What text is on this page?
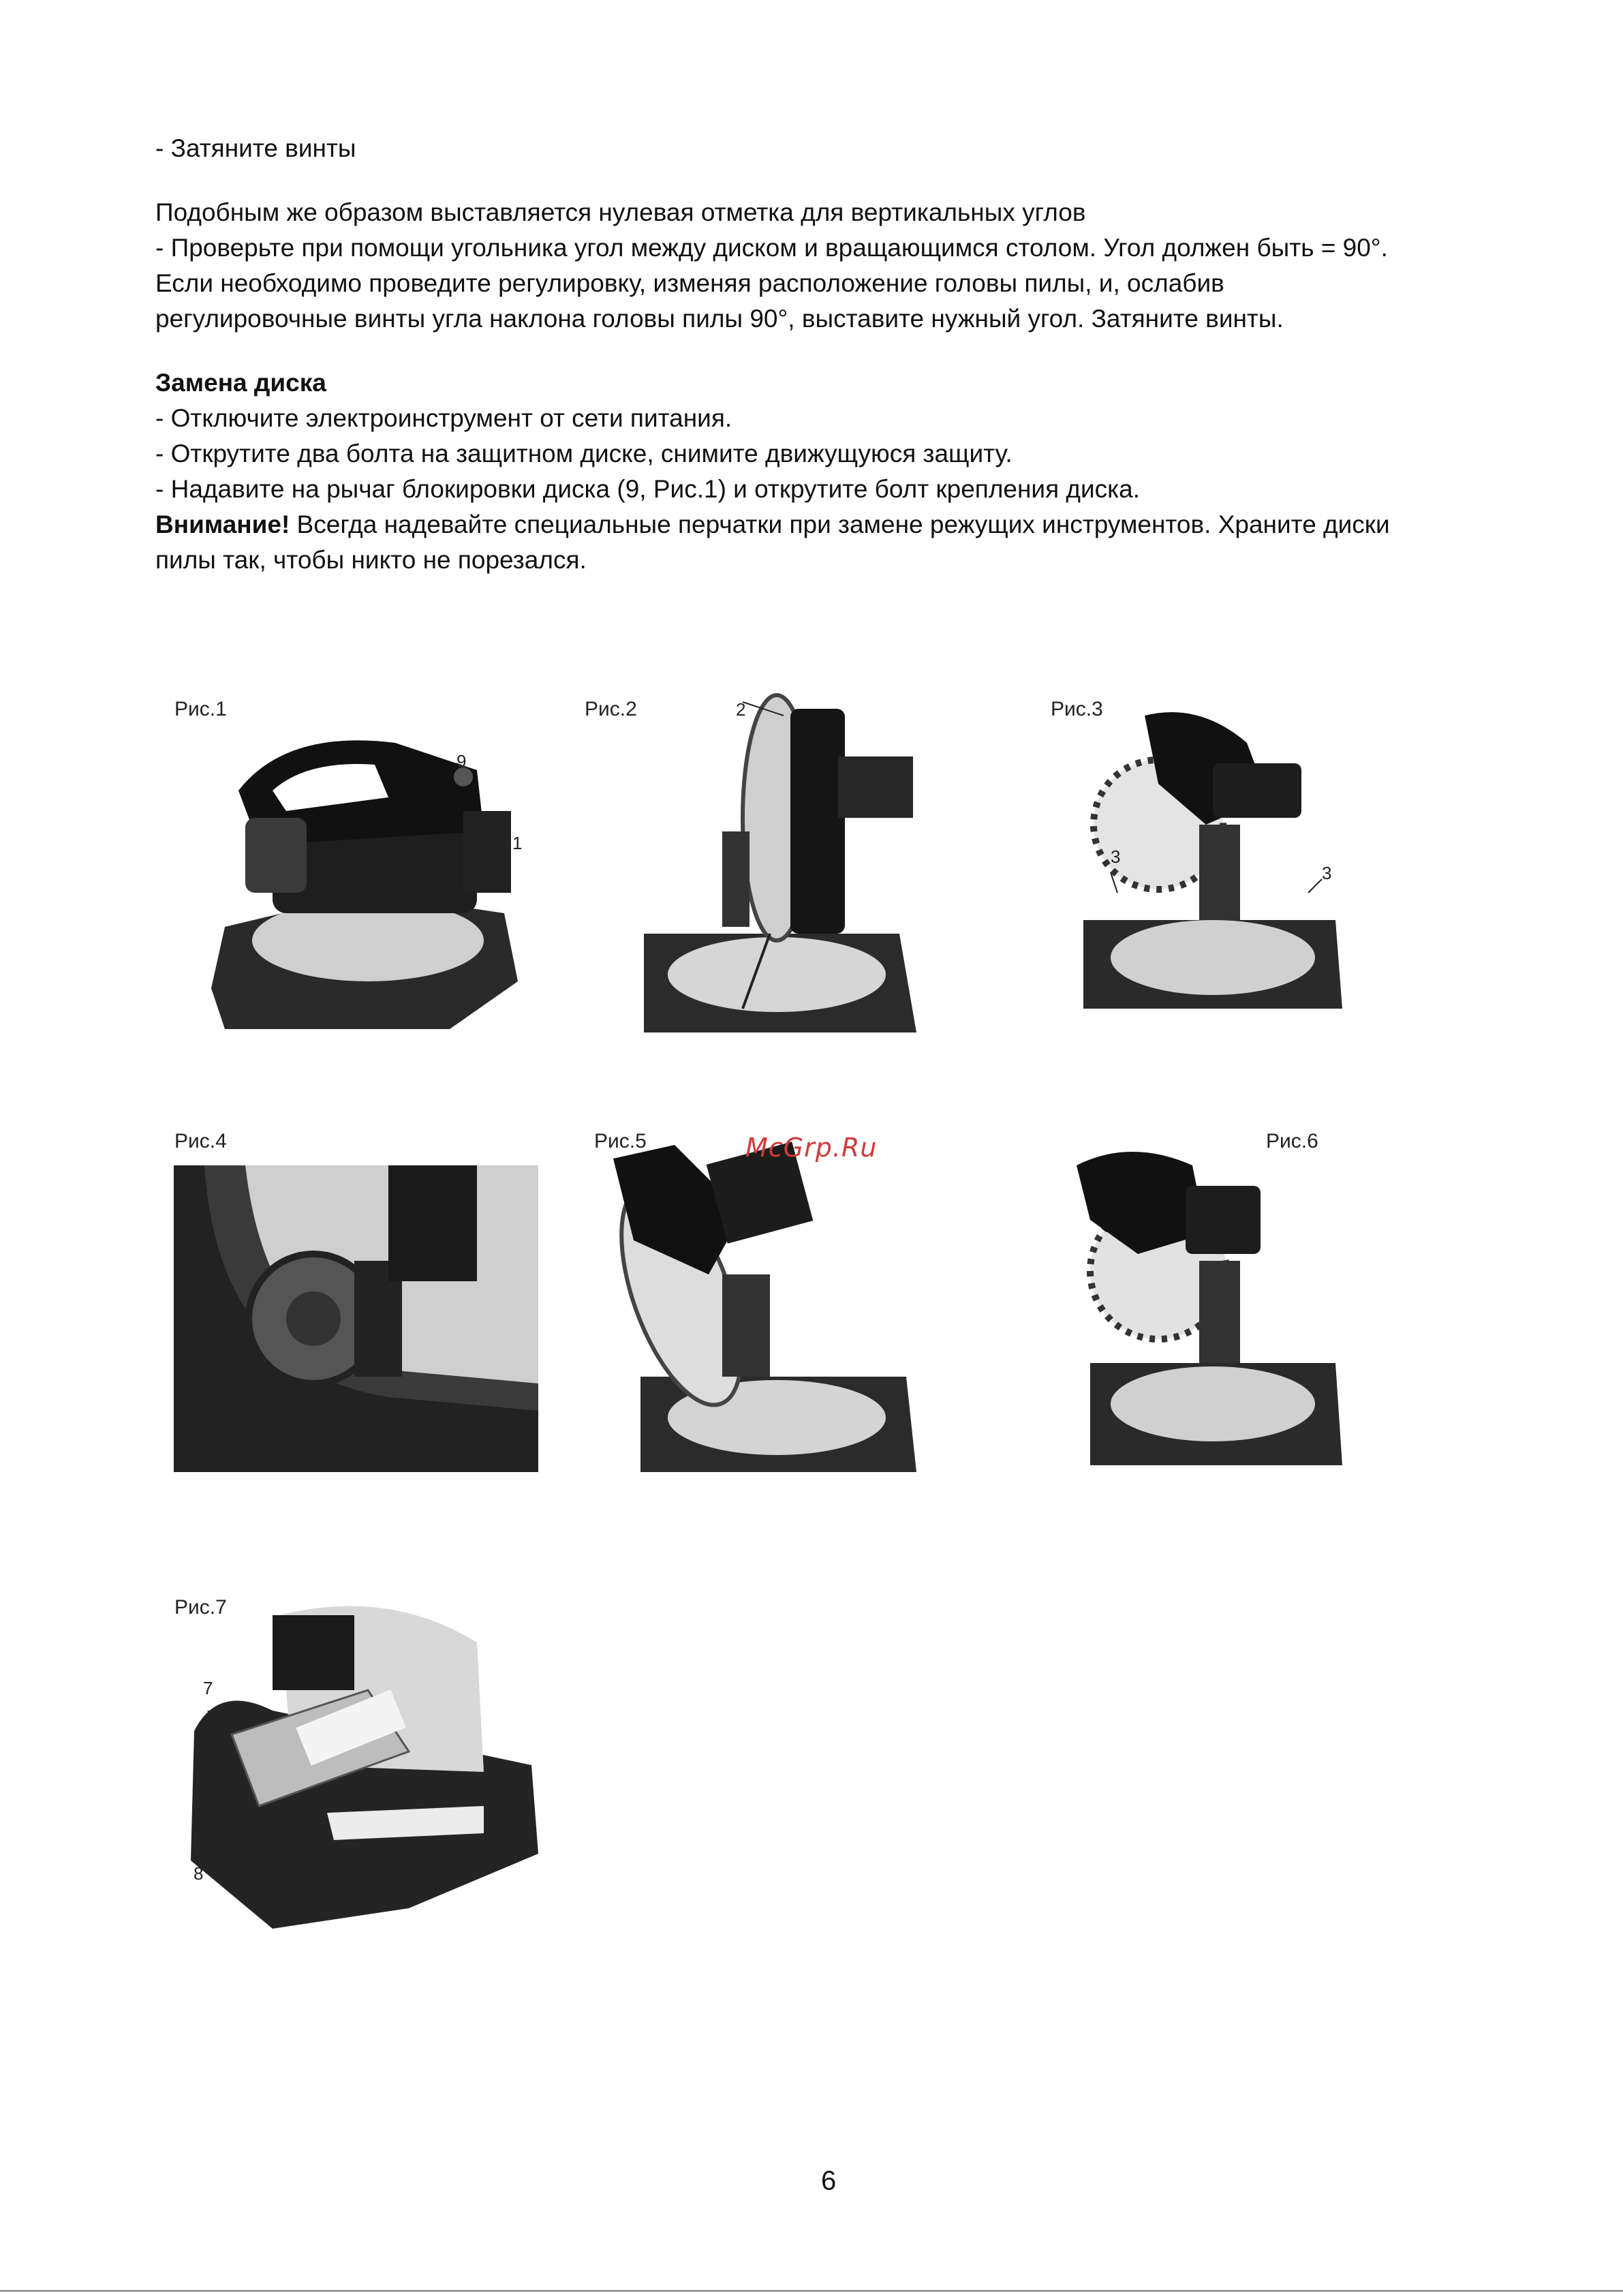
- Затяните винты

Подобным же образом выставляется нулевая отметка для вертикальных углов

- Проверьте при помощи угольника угол между диском и вращающимся столом. Угол должен быть = 90°.

Если необходимо проведите регулировку, изменяя расположение головы пилы, и, ослабив

регулировочные винты угла наклона головы пилы 90°, выставите нужный угол. Затяните винты.

Замена диска

- Отключите электроинструмент от сети питания.

- Открутите два болта на защитном диске, снимите движущуюся защиту.

- Надавите на рычаг блокировки диска (9, Рис.1) и открутите болт крепления диска.

Внимание! Всегда надевайте специальные перчатки при замене режущих инструментов. Храните диски

пилы так, чтобы никто не порезался.

Рис.1
9
1
Рис.2	2	Рис.3
3
3
Рис.4
5
4
Рис.5	Рис.6
Рис.7
7
8
McGrp.Ru
6
